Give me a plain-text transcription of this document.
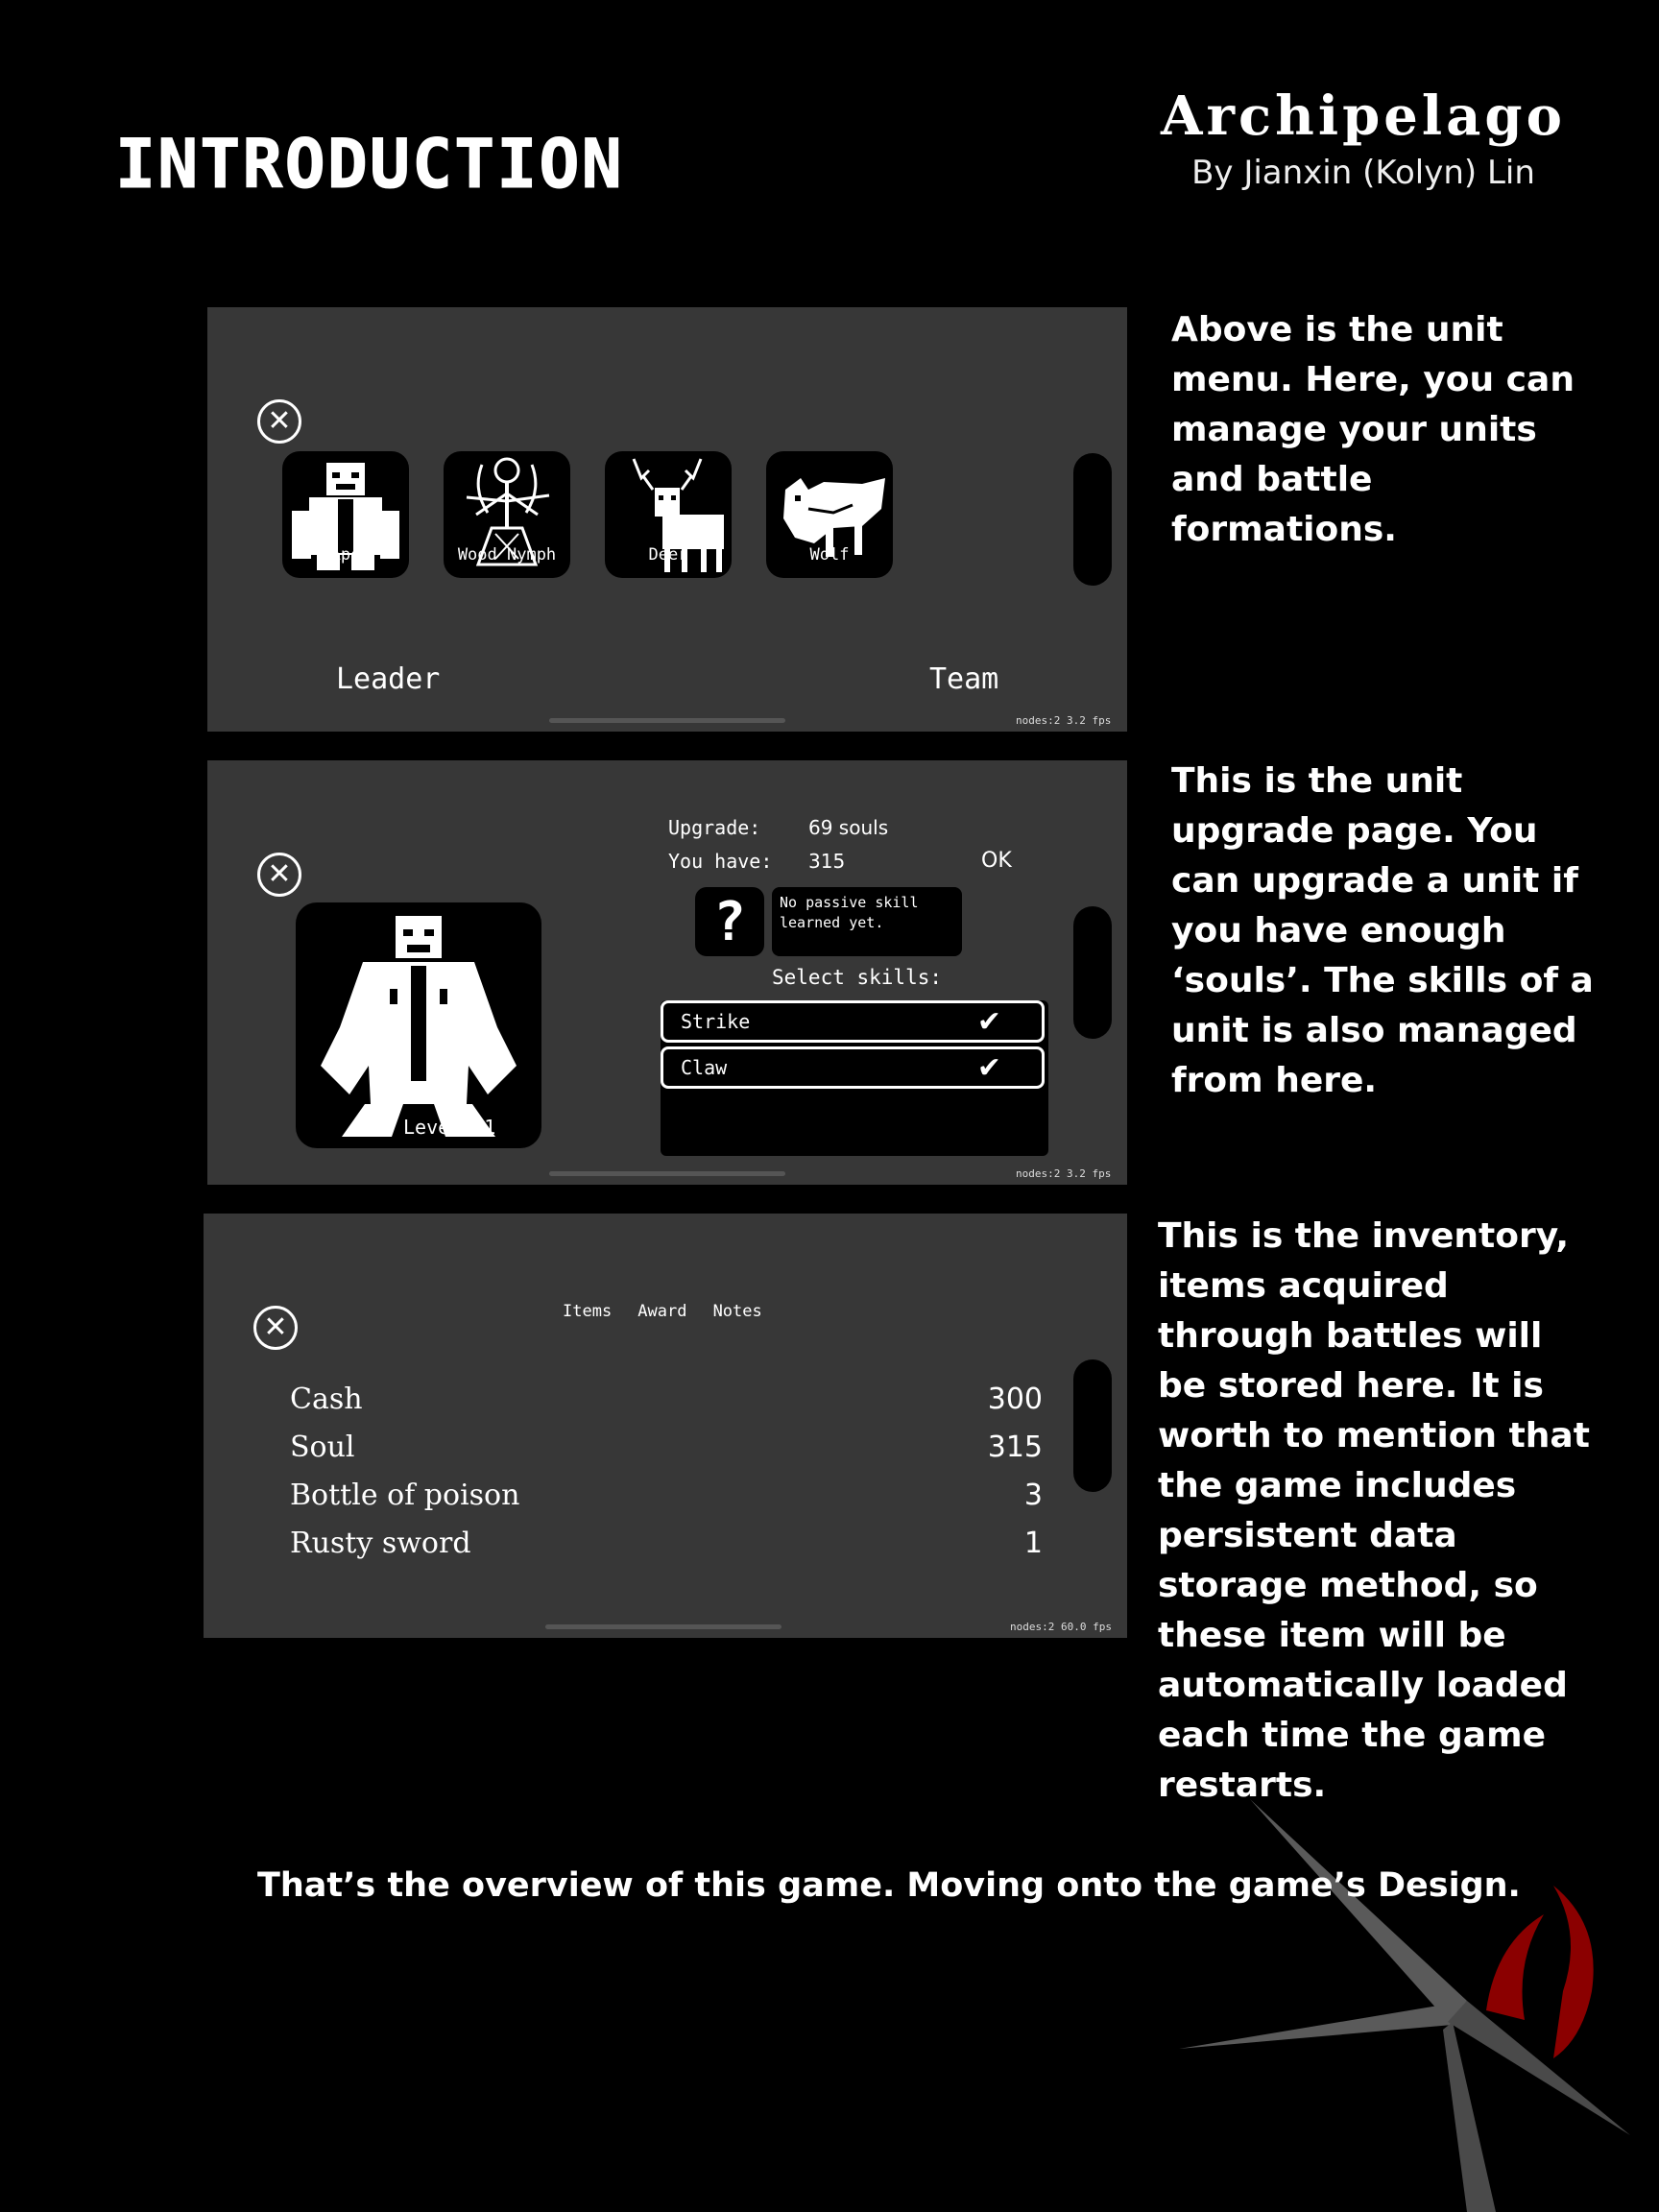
INTRODUCTION
Archipelago
By Jianxin (Kolyn) Lin
✕
Ape	Wood Nymph	Deer	Wolf
Leader	Team
nodes:2 3.2 fps
Above is the unit menu. Here, you can manage your units and battle formations.
✕
Level: 1
Upgrade: 69 souls
You have: 315	OK
?	No passive skill learned yet.
Select skills:
Strike	✔
Claw	✔
nodes:2 3.2 fps
This is the unit upgrade page. You can upgrade a unit if you have enough ‘souls’. The skills of a unit is also managed from here.
✕	Items Award Notes
nodes:2 60.0 fps
Cash	300
Soul	315
Bottle of poison	3
Rusty sword	1
This is the inventory, items acquired through battles will be stored here. It is worth to mention that the game includes persistent data storage method, so these item will be automatically loaded each time the game restarts.
That’s the overview of this game. Moving onto the game’s Design.
